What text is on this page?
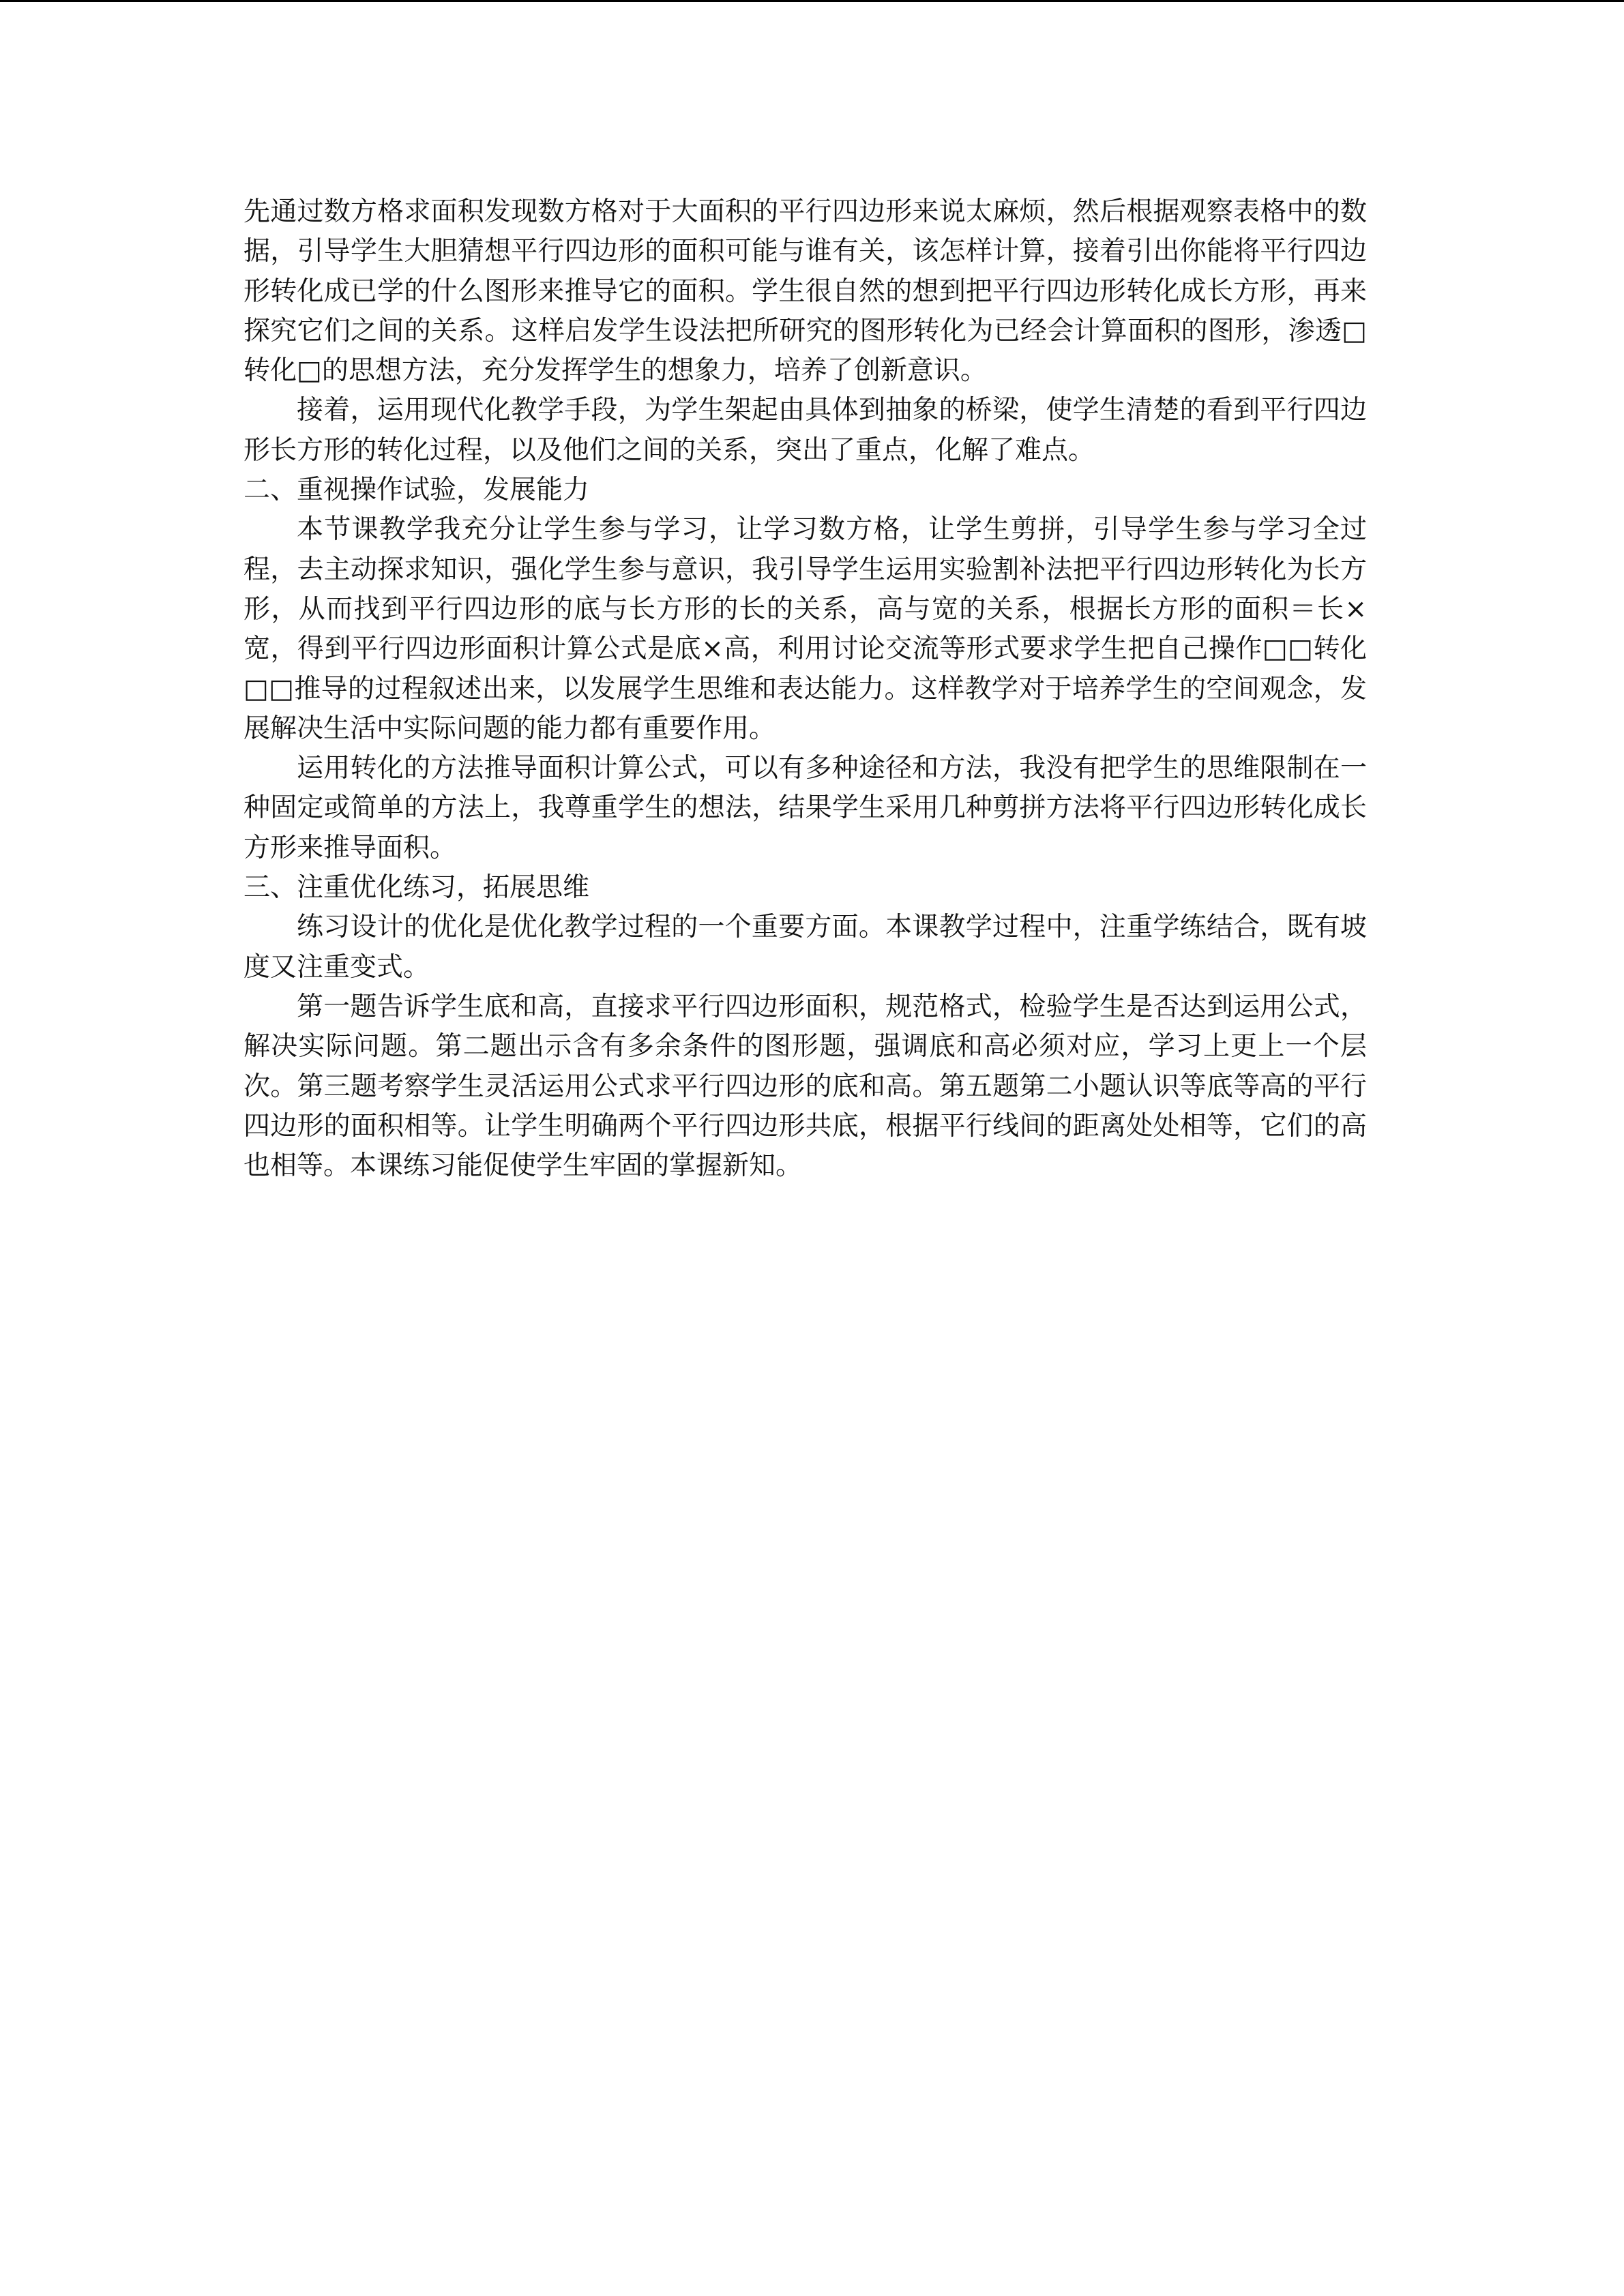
先通过数方格求面积发现数方格对于大面积的平行四边形来说太麻烦，然后根据观察表格中的数据，引导学生大胆猜想平行四边形的面积可能与谁有关，该怎样计算，接着引出你能将平行四边形转化成已学的什么图形来推导它的面积。学生很自然的想到把平行四边形转化成长方形，再来探究它们之间的关系。这样启发学生设法把所研究的图形转化为已经会计算面积的图形，渗透□转化□的思想方法，充分发挥学生的想象力，培养了创新意识。

接着，运用现代化教学手段，为学生架起由具体到抽象的桥梁，使学生清楚的看到平行四边形长方形的转化过程，以及他们之间的关系，突出了重点，化解了难点。

二、重视操作试验，发展能力

本节课教学我充分让学生参与学习，让学习数方格，让学生剪拼，引导学生参与学习全过程，去主动探求知识，强化学生参与意识，我引导学生运用实验割补法把平行四边形转化为长方形，从而找到平行四边形的底与长方形的长的关系，高与宽的关系，根据长方形的面积＝长×宽，得到平行四边形面积计算公式是底×高，利用讨论交流等形式要求学生把自己操作□□转化□□推导的过程叙述出来，以发展学生思维和表达能力。这样教学对于培养学生的空间观念，发展解决生活中实际问题的能力都有重要作用。

运用转化的方法推导面积计算公式，可以有多种途径和方法，我没有把学生的思维限制在一种固定或简单的方法上，我尊重学生的想法，结果学生采用几种剪拼方法将平行四边形转化成长方形来推导面积。

三、注重优化练习，拓展思维

练习设计的优化是优化教学过程的一个重要方面。本课教学过程中，注重学练结合，既有坡度又注重变式。

第一题告诉学生底和高，直接求平行四边形面积，规范格式，检验学生是否达到运用公式，解决实际问题。第二题出示含有多余条件的图形题，强调底和高必须对应，学习上更上一个层次。第三题考察学生灵活运用公式求平行四边形的底和高。第五题第二小题认识等底等高的平行四边形的面积相等。让学生明确两个平行四边形共底，根据平行线间的距离处处相等，它们的高也相等。本课练习能促使学生牢固的掌握新知。
